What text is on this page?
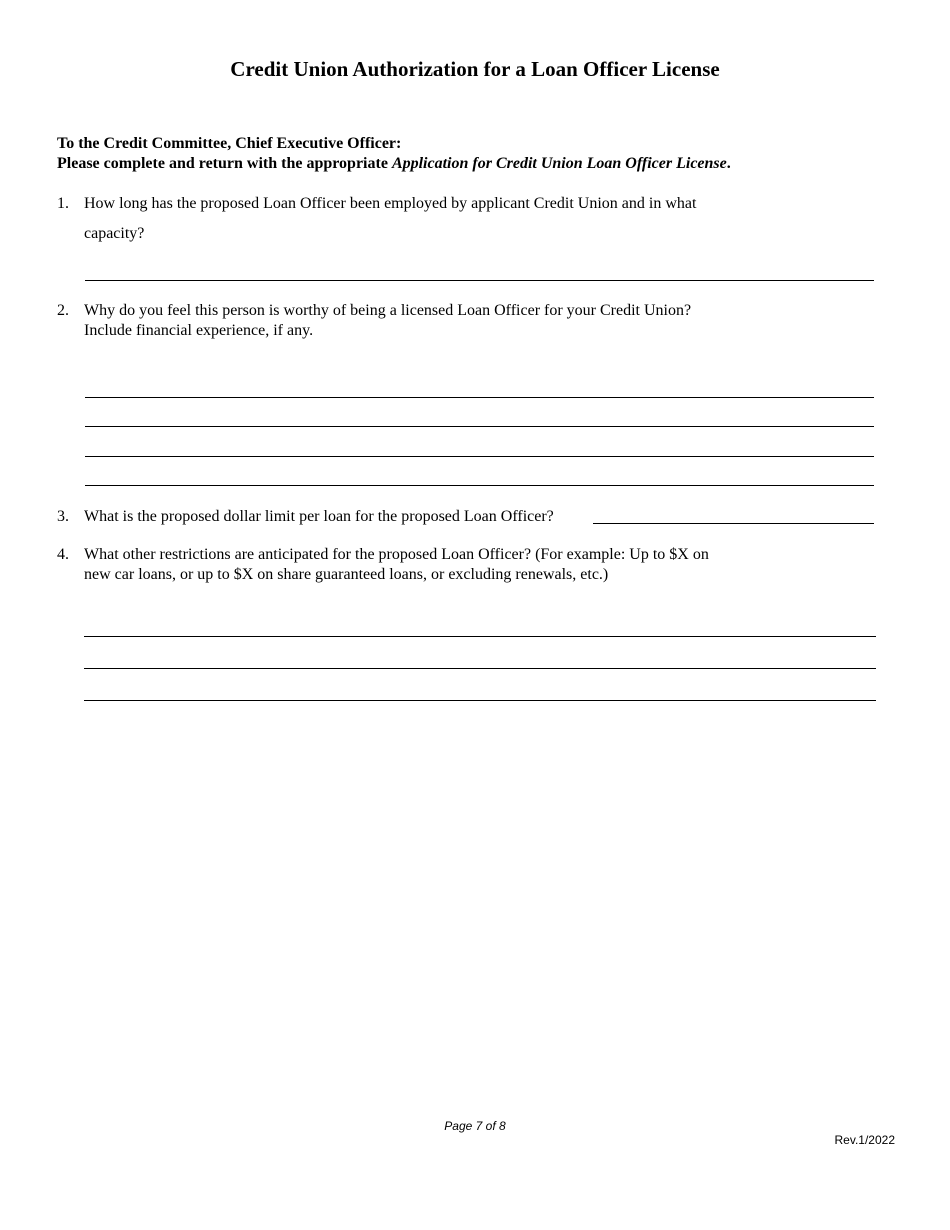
Credit Union Authorization for a Loan Officer License
To the Credit Committee, Chief Executive Officer:
Please complete and return with the appropriate Application for Credit Union Loan Officer License.
1. How long has the proposed Loan Officer been employed by applicant Credit Union and in what
capacity?
2. Why do you feel this person is worthy of being a licensed Loan Officer for your Credit Union?
Include financial experience, if any.
3. What is the proposed dollar limit per loan for the proposed Loan Officer?
4. What other restrictions are anticipated for the proposed Loan Officer? (For example: Up to $X on
new car loans, or up to $X on share guaranteed loans, or excluding renewals, etc.)
Page 7 of 8
Rev.1/2022
